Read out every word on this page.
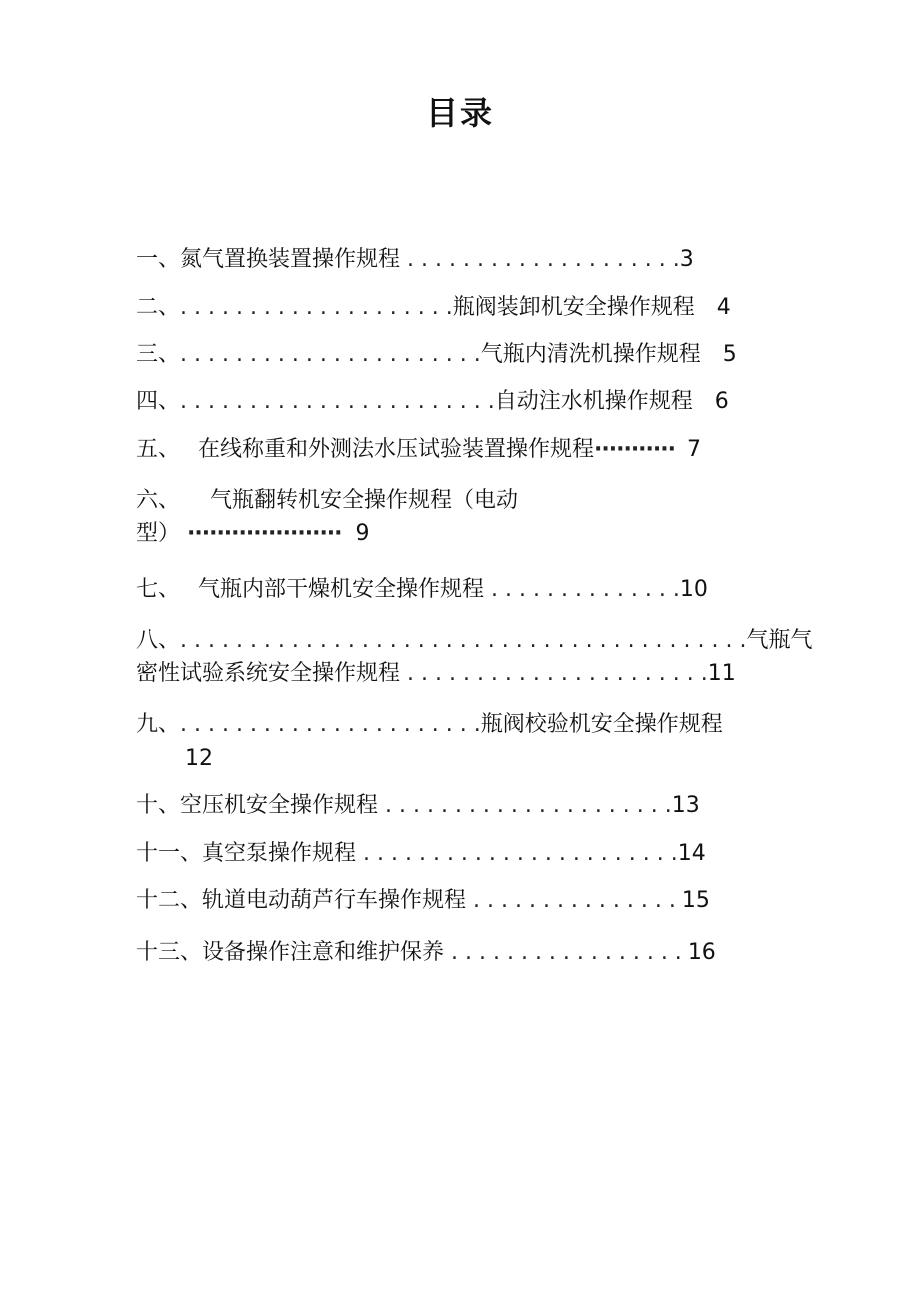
目录
一、氮气置换装置操作规程 . . . . . . . . . . . . . . . . . . . .3
二、. . . . . . . . . . . . . . . . . . . .瓶阀装卸机安全操作规程 4
三、. . . . . . . . . . . . . . . . . . . . . .气瓶内清洗机操作规程 5
四、. . . . . . . . . . . . . . . . . . . . . . .自动注水机操作规程 6
五、 在线称重和外测法水压试验装置操作规程··········· 7
六、 气瓶翻转机安全操作规程（电动
型） ····················· 9
七、 气瓶内部干燥机安全操作规程 . . . . . . . . . . . . . .10
八、. . . . . . . . . . . . . . . . . . . . . . . . . . . . . . . . . . . . . . . . .气瓶气
密性试验系统安全操作规程 . . . . . . . . . . . . . . . . . . . . . .11
九、. . . . . . . . . . . . . . . . . . . . . .瓶阀校验机安全操作规程
12
十、空压机安全操作规程 . . . . . . . . . . . . . . . . . . . . .13
十一、真空泵操作规程 . . . . . . . . . . . . . . . . . . . . . . .14
十二、轨道电动葫芦行车操作规程 . . . . . . . . . . . . . . . 15
十三、设备操作注意和维护保养 . . . . . . . . . . . . . . . . . 16
